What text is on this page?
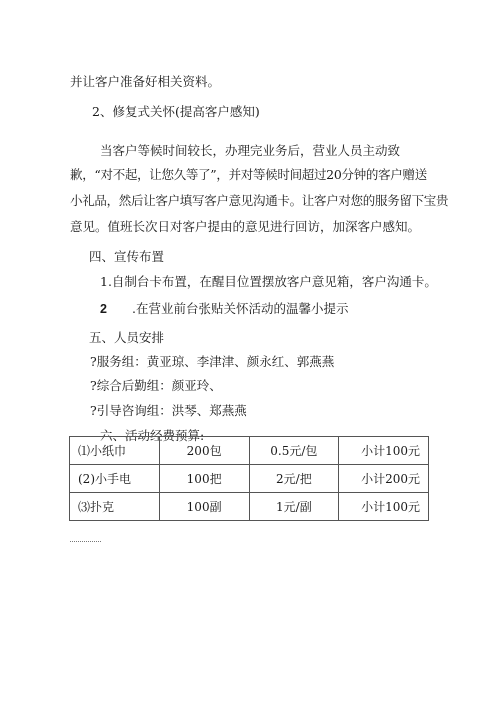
并让客户准备好相关资料。
2、修复式关怀(提高客户感知)
当客户等候时间较长，办理完业务后，营业人员主动致
歉，“对不起，让您久等了”，并对等候时间超过20分钟的客户赠送
小礼品，然后让客户填写客户意见沟通卡。让客户对您的服务留下宝贵
意见。值班长次日对客户提由的意见进行回访，加深客户感知。
四、宣传布置
1.自制台卡布置，在醒目位置摆放客户意见箱，客户沟通卡。
2 .在营业前台张贴关怀活动的温馨小提示
五、人员安排
?服务组：黄亚琼、李津津、颜永红、郭燕燕
?综合后勤组：颜亚玲、
?引导咨询组：洪琴、郑燕燕
六、活动经费预算:
⑴小纸巾	200包	0.5元/包	小计100元
(2)小手电	100把	2元/把	小计200元
⑶扑克	100副	1元/副	小计100元
